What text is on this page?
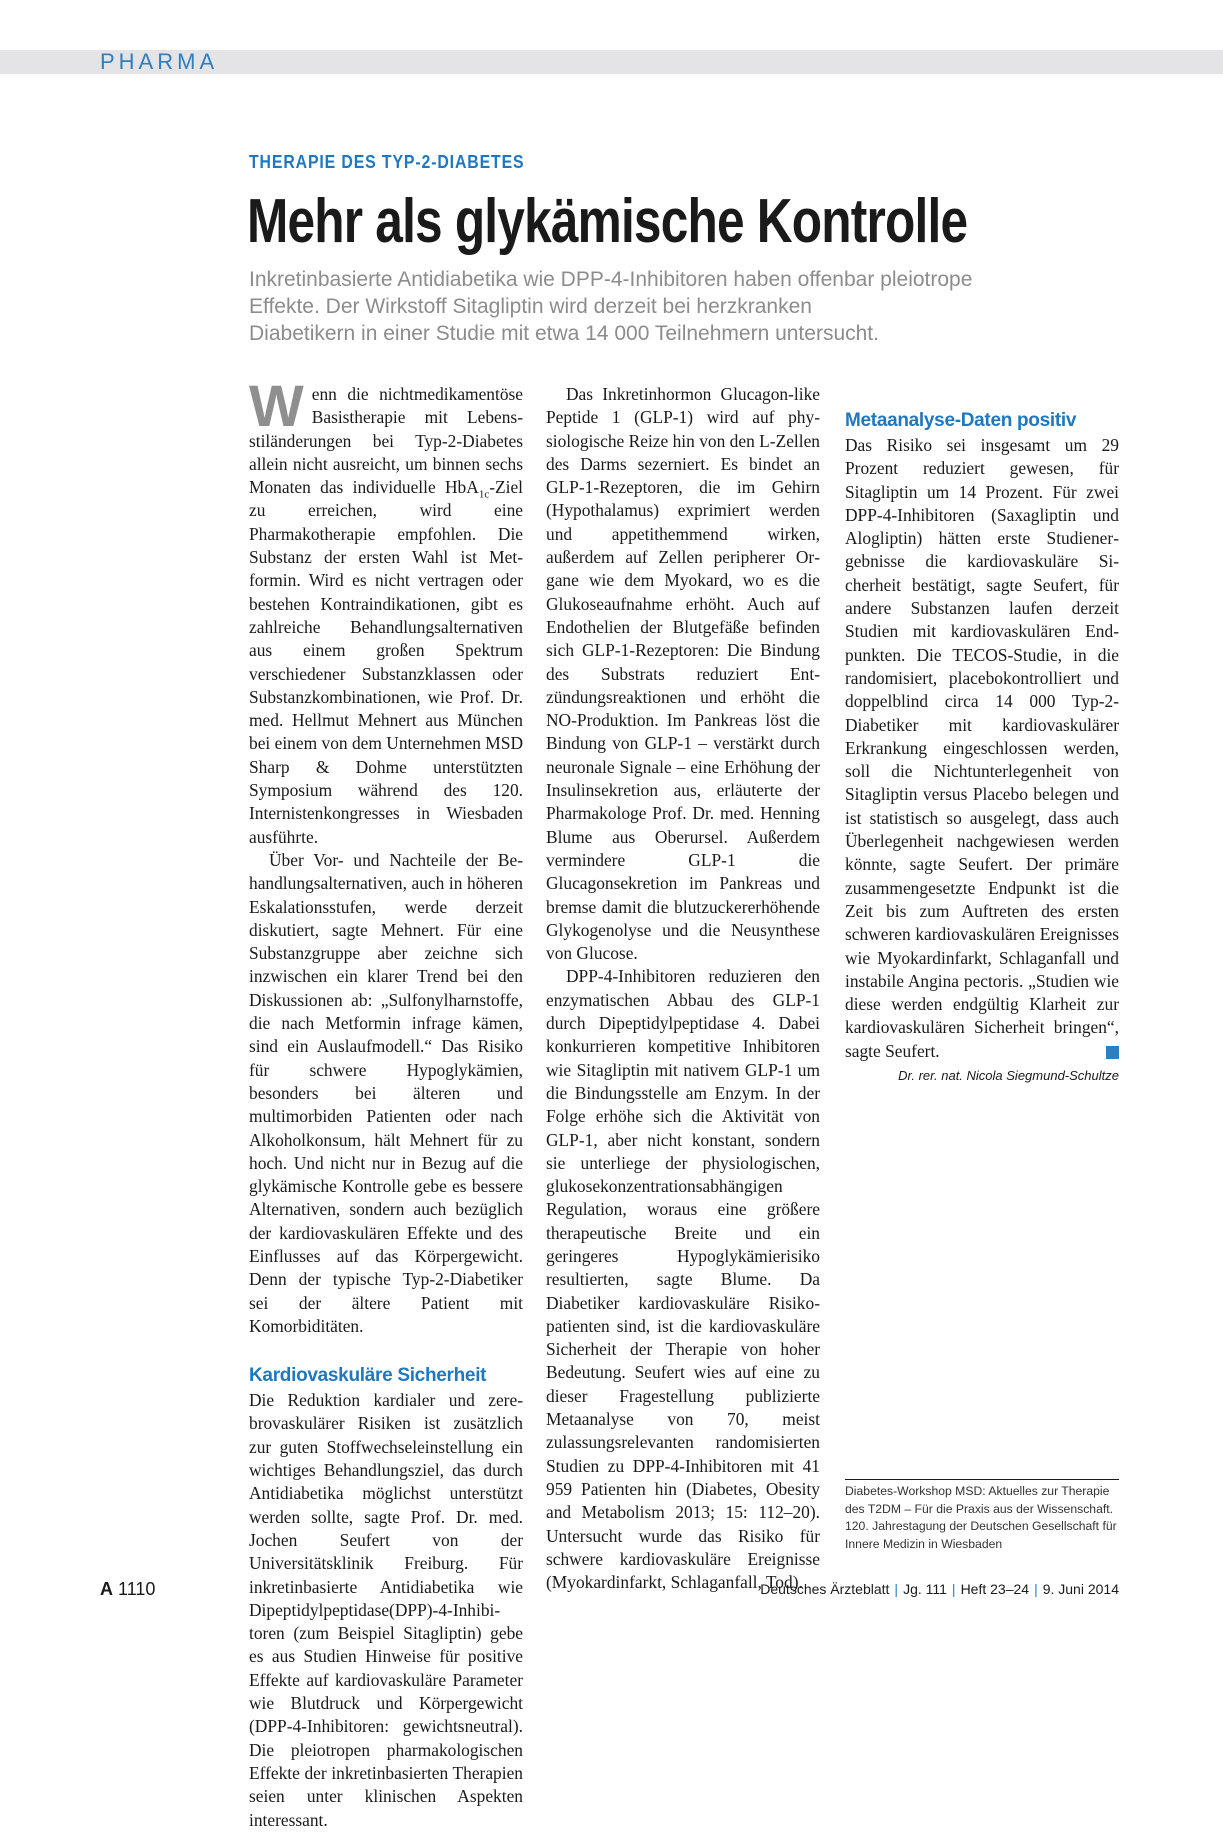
PHARMA
THERAPIE DES TYP-2-DIABETES
Mehr als glykämische Kontrolle
Inkretinbasierte Antidiabetika wie DPP-4-Inhibitoren haben offenbar pleiotrope
Effekte. Der Wirkstoff Sitagliptin wird derzeit bei herzkranken
Diabetikern in einer Studie mit etwa 14 000 Teilnehmern untersucht.

Wenn die nichtmedikamentöse Basistherapie mit Lebensstiländerungen bei Typ-2-Diabetes allein nicht ausreicht, um binnen sechs Monaten das individuelle HbA$_{1c}$-Ziel zu erreichen, wird eine Pharmakotherapie empfohlen. Die Substanz der ersten Wahl ist Metformin. Wird es nicht vertragen oder bestehen Kontraindikationen, gibt es zahlreiche Behandlungsalternativen aus einem großen Spektrum verschiedener Substanzklassen oder Substanzkombinationen, wie Prof. Dr. med. Hellmut Mehnert aus München bei einem von dem Unternehmen MSD Sharp & Dohme unterstützten Symposium während des 120. Internistenkongresses in Wiesbaden ausführte.

Über Vor- und Nachteile der Behandlungsalternativen, auch in höheren Eskalationsstufen, werde derzeit diskutiert, sagte Mehnert. Für eine Substanzgruppe aber zeichne sich inzwischen ein klarer Trend bei den Diskussionen ab: „Sulfonylharnstoffe, die nach Metformin infrage kämen, sind ein Auslaufmodell.“ Das Risiko für schwere Hypoglykämien, besonders bei älteren und multimorbiden Patienten oder nach Alkoholkonsum, hält Mehnert für zu hoch. Und nicht nur in Bezug auf die glykämische Kontrolle gebe es bessere Alternativen, sondern auch bezüglich der kardiovaskulären Effekte und des Einflusses auf das Körpergewicht. Denn der typische Typ-2-Diabetiker sei der ältere Patient mit Komorbiditäten.

Kardiovaskuläre Sicherheit

Die Reduktion kardialer und zerebrovaskulärer Risiken ist zusätzlich zur guten Stoffwechseleinstellung ein wichtiges Behandlungsziel, das durch Antidiabetika möglichst unterstützt werden sollte, sagte Prof. Dr. med. Jochen Seufert von der Universitätsklinik Freiburg. Für inkretinbasierte Antidiabetika wie Dipeptidylpeptidase(DPP)-4-Inhibitoren (zum Beispiel Sitagliptin) gebe es aus Studien Hinweise für positive Effekte auf kardiovaskuläre Parameter wie Blutdruck und Körpergewicht (DPP-4-Inhibitoren: gewichtsneutral). Die pleiotropen pharmakologischen Effekte der inkretinbasierten Therapien seien unter klinischen Aspekten interessant.

Das Inkretinhormon Glucagon-like Peptide 1 (GLP-1) wird auf physiologische Reize hin von den L-Zellen des Darms sezerniert. Es bindet an GLP-1-Rezeptoren, die im Gehirn (Hypothalamus) exprimiert werden und appetithemmend wirken, außerdem auf Zellen peripherer Organe wie dem Myokard, wo es die Glukoseaufnahme erhöht. Auch auf Endothelien der Blutgefäße befinden sich GLP-1-Rezeptoren: Die Bindung des Substrats reduziert Entzündungsreaktionen und erhöht die NO-Produktion. Im Pankreas löst die Bindung von GLP-1 – verstärkt durch neuronale Signale – eine Erhöhung der Insulinsekretion aus, erläuterte der Pharmakologe Prof. Dr. med. Henning Blume aus Oberursel. Außerdem vermindere GLP-1 die Glucagonsekretion im Pankreas und bremse damit die blutzuckererhöhende Glykogenolyse und die Neusynthese von Glucose.

DPP-4-Inhibitoren reduzieren den enzymatischen Abbau des GLP-1 durch Dipeptidylpeptidase 4. Dabei konkurrieren kompetitive Inhibitoren wie Sitagliptin mit nativem GLP-1 um die Bindungsstelle am Enzym. In der Folge erhöhe sich die Aktivität von GLP-1, aber nicht konstant, sondern sie unterliege der physiologischen, glukosekonzentrationsabhängigen Regulation, woraus eine größere therapeutische Breite und ein geringeres Hypoglykämierisiko resultierten, sagte Blume. Da Diabetiker kardiovaskuläre Risikopatienten sind, ist die kardiovaskuläre Sicherheit der Therapie von hoher Bedeutung. Seufert wies auf eine zu dieser Fragestellung publizierte Metaanalyse von 70, meist zulassungsrelevanten randomisierten Studien zu DPP-4-Inhibitoren mit 41 959 Patienten hin (Diabetes, Obesity and Metabolism 2013; 15: 112–20). Untersucht wurde das Risiko für schwere kardiovaskuläre Ereignisse (Myokardinfarkt, Schlaganfall, Tod).

Metaanalyse-Daten positiv

Das Risiko sei insgesamt um 29 Prozent reduziert gewesen, für Sitagliptin um 14 Prozent. Für zwei DPP-4-Inhibitoren (Saxagliptin und Alogliptin) hätten erste Studienergebnisse die kardiovaskuläre Sicherheit bestätigt, sagte Seufert, für andere Substanzen laufen derzeit Studien mit kardiovaskulären Endpunkten. Die TECOS-Studie, in die randomisiert, placebokontrolliert und doppelblind circa 14 000 Typ-2-Diabetiker mit kardiovaskulärer Erkrankung eingeschlossen werden, soll die Nichtunterlegenheit von Sitagliptin versus Placebo belegen und ist statistisch so ausgelegt, dass auch Überlegenheit nachgewiesen werden könnte, sagte Seufert. Der primäre zusammengesetzte Endpunkt ist die Zeit bis zum Auftreten des ersten schweren kardiovaskulären Ereignisses wie Myokardinfarkt, Schlaganfall und instabile Angina pectoris. „Studien wie diese werden endgültig Klarheit zur kardiovaskulären Sicherheit bringen“, sagte Seufert.

Dr. rer. nat. Nicola Siegmund-Schultze
Diabetes-Workshop MSD: Aktuelles zur Therapie
des T2DM – Für die Praxis aus der Wissenschaft.
120. Jahrestagung der Deutschen Gesellschaft für
Innere Medizin in Wiesbaden
A 1110	Deutsches Ärzteblatt | Jg. 111 | Heft 23–24 | 9. Juni 2014
